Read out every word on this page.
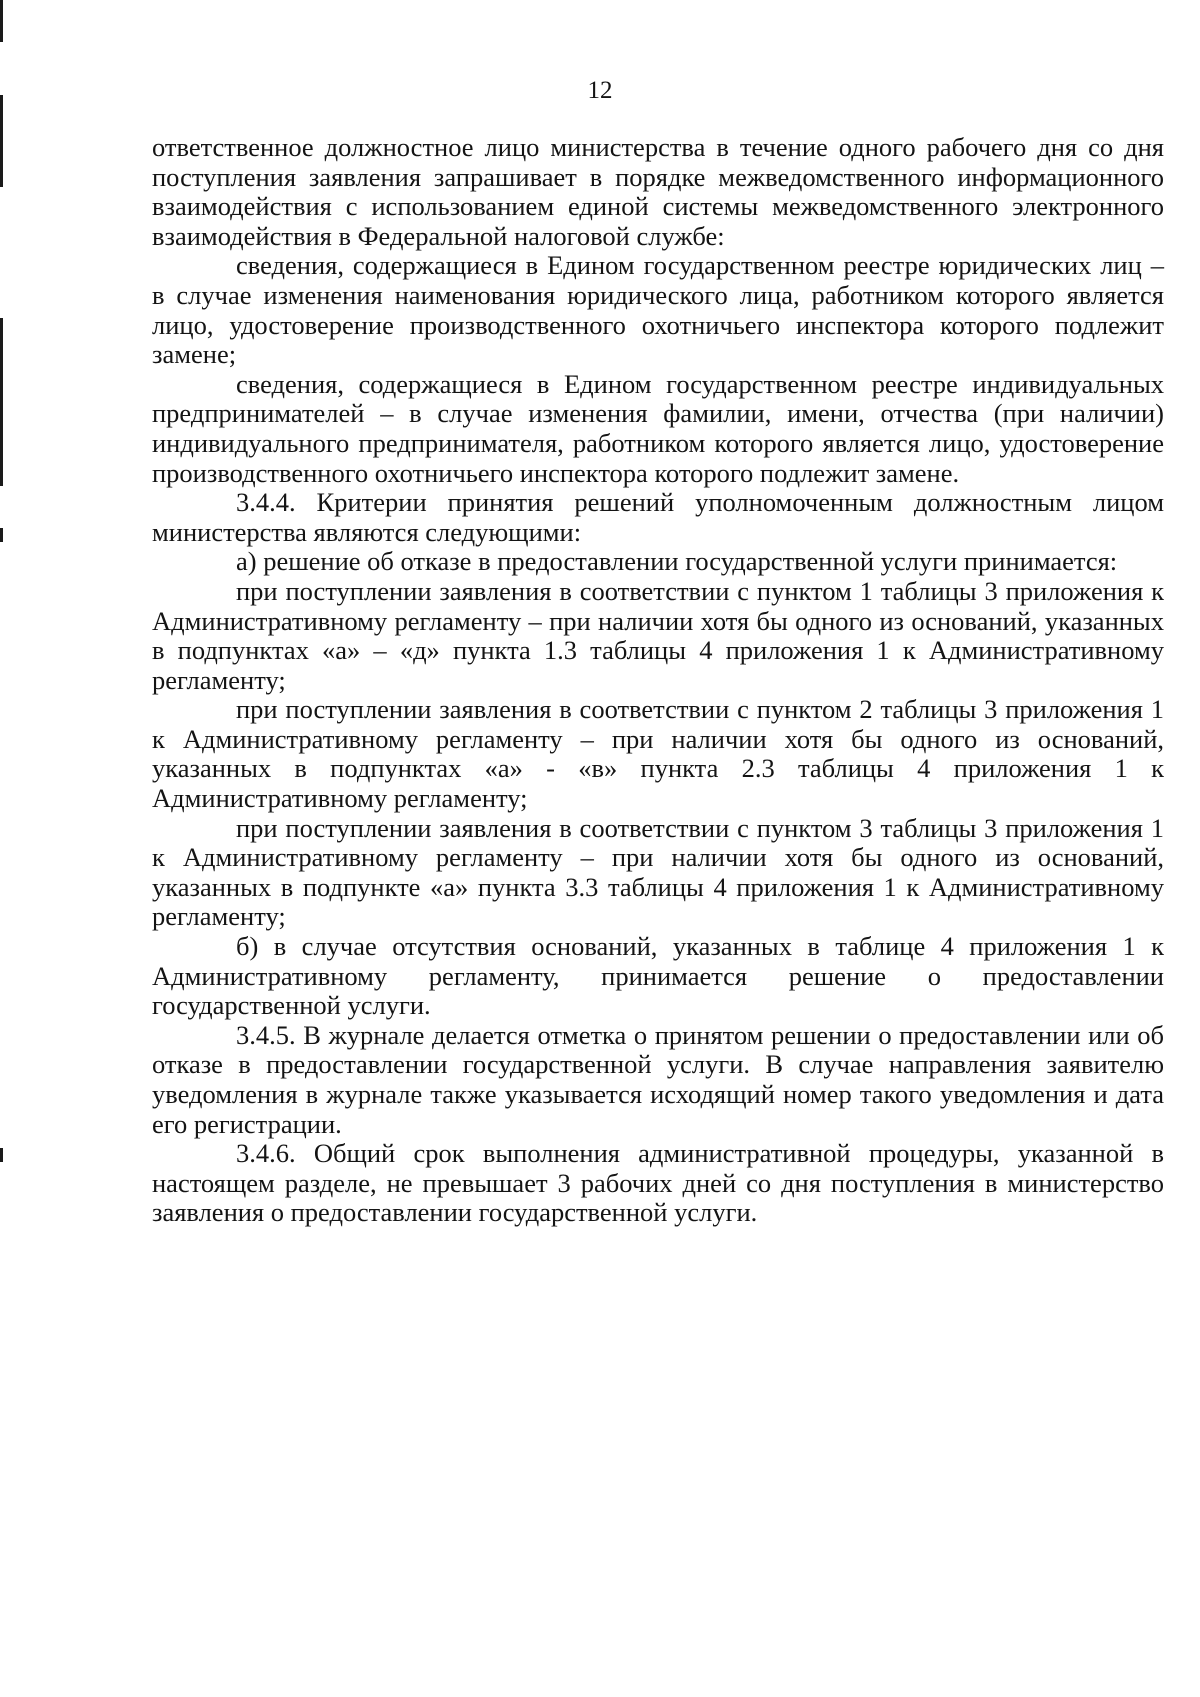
12

ответственное должностное лицо министерства в течение одного рабочего дня со дня поступления заявления запрашивает в порядке межведомственного информационного взаимодействия с использованием единой системы межведомственного электронного взаимодействия в Федеральной налоговой службе:

сведения, содержащиеся в Едином государственном реестре юридических лиц – в случае изменения наименования юридического лица, работником которого является лицо, удостоверение производственного охотничьего инспектора которого подлежит замене;

сведения, содержащиеся в Едином государственном реестре индивидуальных предпринимателей – в случае изменения фамилии, имени, отчества (при наличии) индивидуального предпринимателя, работником которого является лицо, удостоверение производственного охотничьего инспектора которого подлежит замене.

3.4.4. Критерии принятия решений уполномоченным должностным лицом министерства являются следующими:

а) решение об отказе в предоставлении государственной услуги принимается:

при поступлении заявления в соответствии с пунктом 1 таблицы 3 приложения к Административному регламенту – при наличии хотя бы одного из оснований, указанных в подпунктах «а» – «д» пункта 1.3 таблицы 4 приложения 1 к Административному регламенту;

при поступлении заявления в соответствии с пунктом 2 таблицы 3 приложения 1 к Административному регламенту – при наличии хотя бы одного из оснований, указанных в подпунктах «а» - «в» пункта 2.3 таблицы 4 приложения 1 к Административному регламенту;

при поступлении заявления в соответствии с пунктом 3 таблицы 3 приложения 1 к Административному регламенту – при наличии хотя бы одного из оснований, указанных в подпункте «а» пункта 3.3 таблицы 4 приложения 1 к Административному регламенту;

б) в случае отсутствия оснований, указанных в таблице 4 приложения 1 к Административному регламенту, принимается решение о предоставлении государственной услуги.

3.4.5. В журнале делается отметка о принятом решении о предоставлении или об отказе в предоставлении государственной услуги. В случае направления заявителю уведомления в журнале также указывается исходящий номер такого уведомления и дата его регистрации.

3.4.6. Общий срок выполнения административной процедуры, указанной в настоящем разделе, не превышает 3 рабочих дней со дня поступления в министерство заявления о предоставлении государственной услуги.
